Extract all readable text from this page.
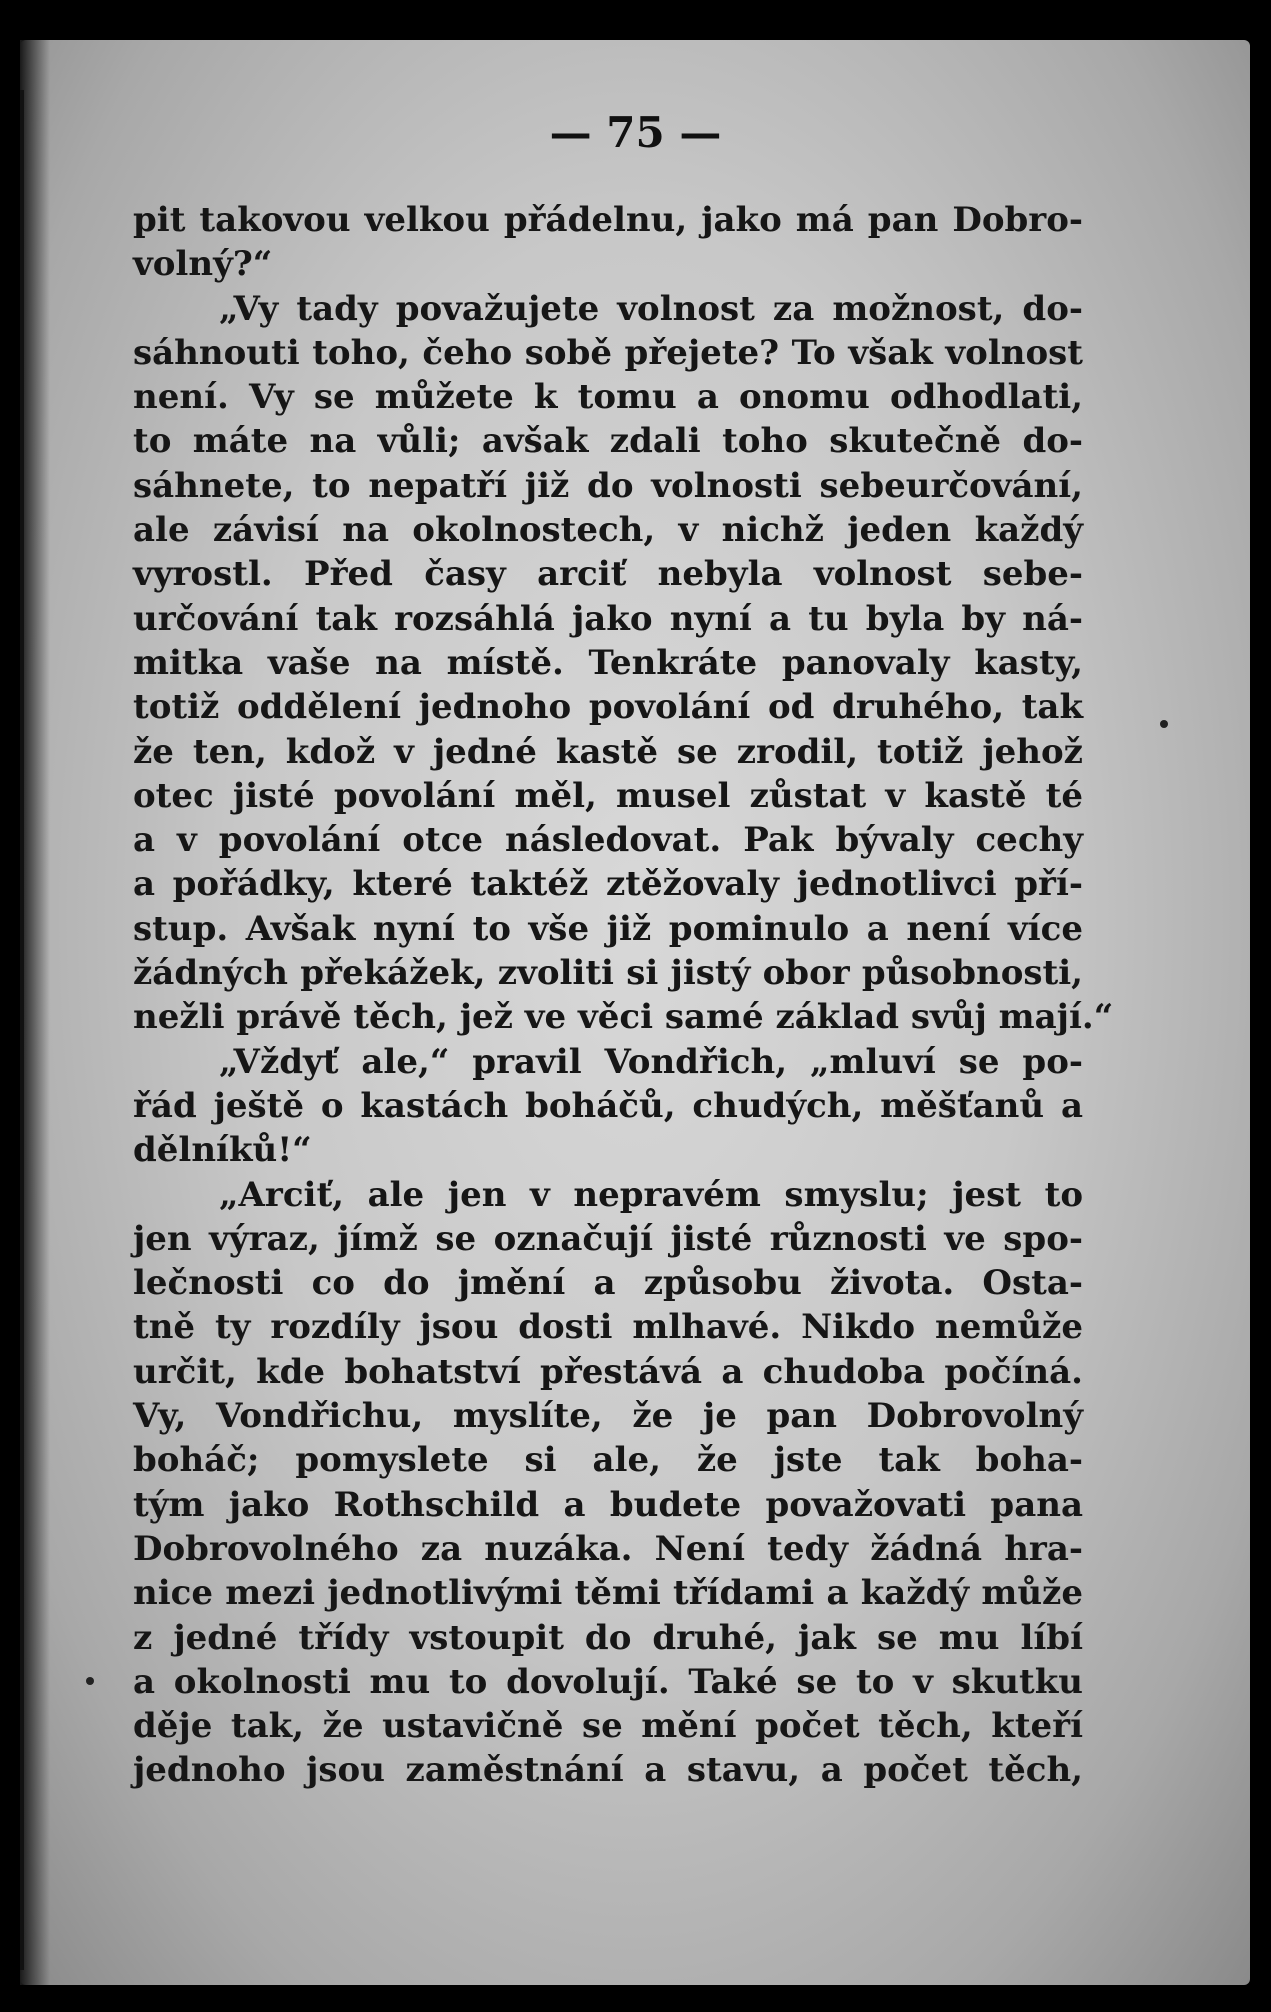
— 75 —
pit takovou velkou přádelnu, jako má pan Dobro-
volný?“
„Vy tady považujete volnost za možnost, do-
sáhnouti toho, čeho sobě přejete? To však volnost
není. Vy se můžete k tomu a onomu odhodlati,
to máte na vůli; avšak zdali toho skutečně do-
sáhnete, to nepatří již do volnosti sebeurčování,
ale závisí na okolnostech, v nichž jeden každý
vyrostl. Před časy arciť nebyla volnost sebe-
určování tak rozsáhlá jako nyní a tu byla by ná-
mitka vaše na místě. Tenkráte panovaly kasty,
totiž oddělení jednoho povolání od druhého, tak
že ten, kdož v jedné kastě se zrodil, totiž jehož
otec jisté povolání měl, musel zůstat v kastě té
a v povolání otce následovat. Pak bývaly cechy
a pořádky, které taktéž ztěžovaly jednotlivci pří-
stup. Avšak nyní to vše již pominulo a není více
žádných překážek, zvoliti si jistý obor působnosti,
nežli právě těch, jež ve věci samé základ svůj mají.“
„Vždyť ale,“ pravil Vondřich, „mluví se po-
řád ještě o kastách boháčů, chudých, měšťanů a
dělníků!“
„Arciť, ale jen v nepravém smyslu; jest to
jen výraz, jímž se označují jisté různosti ve spo-
lečnosti co do jmění a způsobu života. Osta-
tně ty rozdíly jsou dosti mlhavé. Nikdo nemůže
určit, kde bohatství přestává a chudoba počíná.
Vy, Vondřichu, myslíte, že je pan Dobrovolný
boháč; pomyslete si ale, že jste tak boha-
tým jako Rothschild a budete považovati pana
Dobrovolného za nuzáka. Není tedy žádná hra-
nice mezi jednotlivými těmi třídami a každý může
z jedné třídy vstoupit do druhé, jak se mu líbí
a okolnosti mu to dovolují. Také se to v skutku
děje tak, že ustavičně se mění počet těch, kteří
jednoho jsou zaměstnání a stavu, a počet těch,
